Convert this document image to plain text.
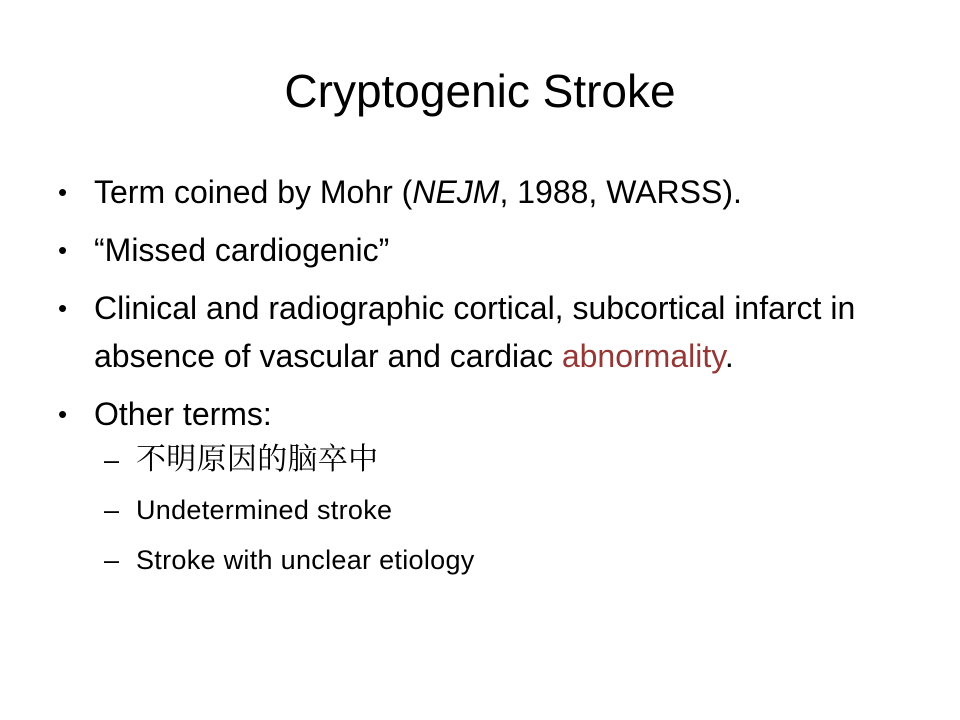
Cryptogenic Stroke
• Term coined by Mohr (NEJM, 1988, WARSS).
• “Missed cardiogenic”
• Clinical and radiographic cortical, subcortical infarct in absence of vascular and cardiac abnormality.
• Other terms:
– 不明原因的脑卒中
– Undetermined stroke
– Stroke with unclear etiology
